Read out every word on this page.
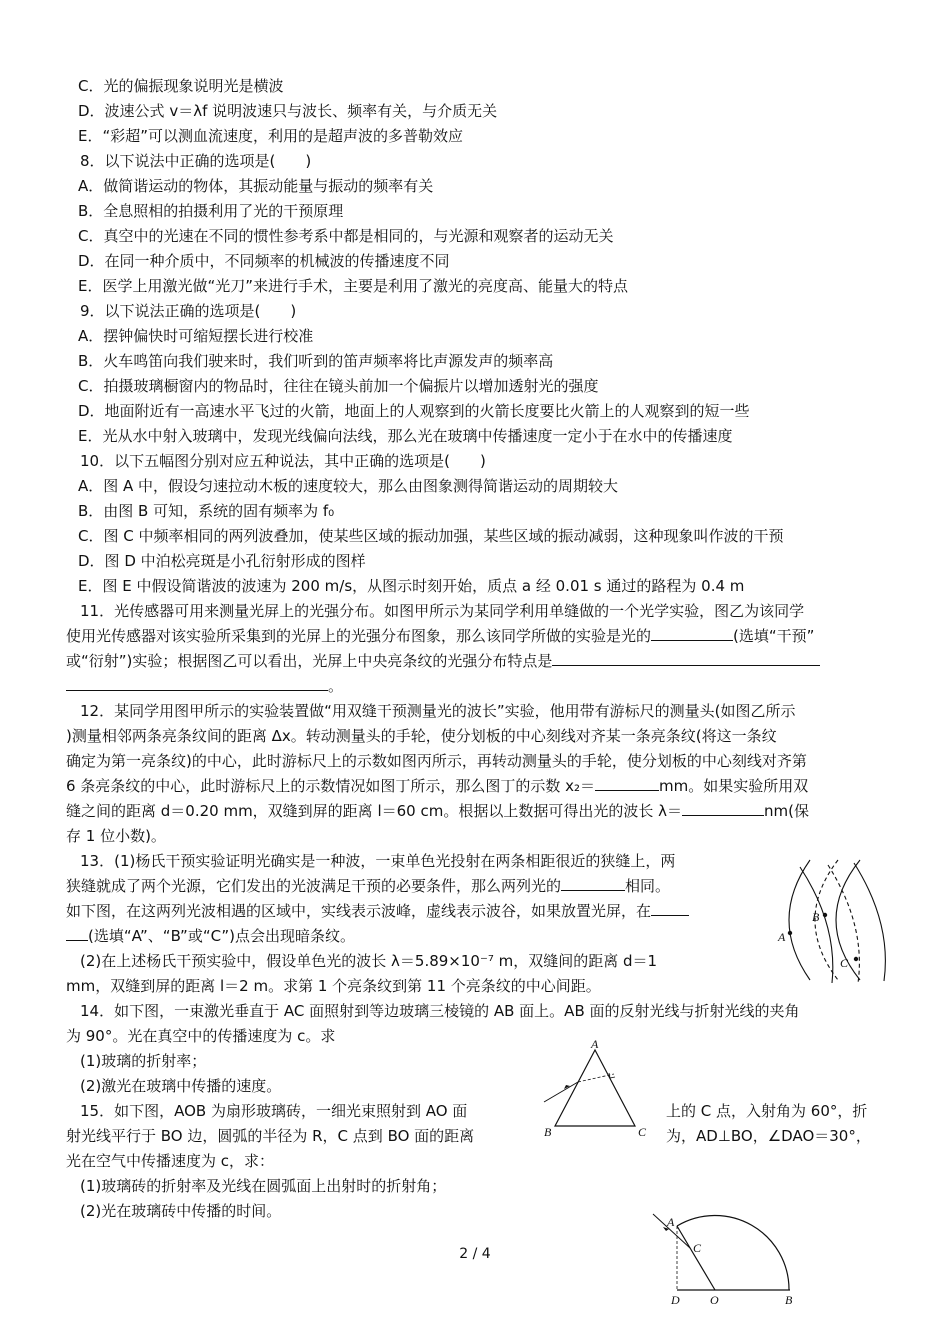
C．光的偏振现象说明光是横波
D．波速公式 v＝λf 说明波速只与波长、频率有关，与介质无关
E．“彩超”可以测血流速度，利用的是超声波的多普勒效应
8．以下说法中正确的选项是(　　)
A．做简谐运动的物体，其振动能量与振动的频率有关
B．全息照相的拍摄利用了光的干预原理
C．真空中的光速在不同的惯性参考系中都是相同的，与光源和观察者的运动无关
D．在同一种介质中，不同频率的机械波的传播速度不同
E．医学上用激光做“光刀”来进行手术，主要是利用了激光的亮度高、能量大的特点
9．以下说法正确的选项是(　　)
A．摆钟偏快时可缩短摆长进行校准
B．火车鸣笛向我们驶来时，我们听到的笛声频率将比声源发声的频率高
C．拍摄玻璃橱窗内的物品时，往往在镜头前加一个偏振片以增加透射光的强度
D．地面附近有一高速水平飞过的火箭，地面上的人观察到的火箭长度要比火箭上的人观察到的短一些
E．光从水中射入玻璃中，发现光线偏向法线，那么光在玻璃中传播速度一定小于在水中的传播速度
10．以下五幅图分别对应五种说法，其中正确的选项是(　　)
A．图 A 中，假设匀速拉动木板的速度较大，那么由图象测得简谐运动的周期较大
B．由图 B 可知，系统的固有频率为 f₀
C．图 C 中频率相同的两列波叠加，使某些区域的振动加强，某些区域的振动减弱，这种现象叫作波的干预
D．图 D 中泊松亮斑是小孔衍射形成的图样
E．图 E 中假设简谐波的波速为 200 m/s，从图示时刻开始，质点 a 经 0.01 s 通过的路程为 0.4 m
11．光传感器可用来测量光屏上的光强分布。如图甲所示为某同学利用单缝做的一个光学实验，图乙为该同学
使用光传感器对该实验所采集到的光屏上的光强分布图象，那么该同学所做的实验是光的	(选填“干预”
或“衍射”)实验；根据图乙可以看出，光屏上中央亮条纹的光强分布特点是
。
12．某同学用图甲所示的实验装置做“用双缝干预测量光的波长”实验，他用带有游标尺的测量头(如图乙所示
)测量相邻两条亮条纹间的距离 Δx。转动测量头的手轮，使分划板的中心刻线对齐某一条亮条纹(将这一条纹
确定为第一亮条纹)的中心，此时游标尺上的示数如图丙所示，再转动测量头的手轮，使分划板的中心刻线对齐第
6 条亮条纹的中心，此时游标尺上的示数情况如图丁所示，那么图丁的示数 x₂＝	mm。如果实验所用双
缝之间的距离 d＝0.20 mm，双缝到屏的距离 l＝60 cm。根据以上数据可得出光的波长 λ＝	nm(保
存 1 位小数)。
13．(1)杨氏干预实验证明光确实是一种波，一束单色光投射在两条相距很近的狭缝上，两
狭缝就成了两个光源，它们发出的光波满足干预的必要条件，那么两列光的	相同。
如下图，在这两列光波相遇的区域中，实线表示波峰，虚线表示波谷，如果放置光屏，在
(选填“A”、“B”或“C”)点会出现暗条纹。
(2)在上述杨氏干预实验中，假设单色光的波长 λ＝5.89×10⁻⁷ m，双缝间的距离 d＝1
mm，双缝到屏的距离 l＝2 m。求第 1 个亮条纹到第 11 个亮条纹的中心间距。
A
B
C
14．如下图，一束激光垂直于 AC 面照射到等边玻璃三棱镜的 AB 面上。AB 面的反射光线与折射光线的夹角
为 90°。光在真空中的传播速度为 c。求
(1)玻璃的折射率；
(2)激光在玻璃中传播的速度。
A
B	C
15．如下图，AOB 为扇形玻璃砖，一细光束照射到 AO 面	上的 C 点，入射角为 60°，折
射光线平行于 BO 边，圆弧的半径为 R，C 点到 BO 面的距离	为，AD⊥BO，∠DAO＝30°，
光在空气中传播速度为 c，求：
(1)玻璃砖的折射率及光线在圆弧面上出射时的折射角；
(2)光在玻璃砖中传播的时间。
A
C
D	O	B
2 / 4
